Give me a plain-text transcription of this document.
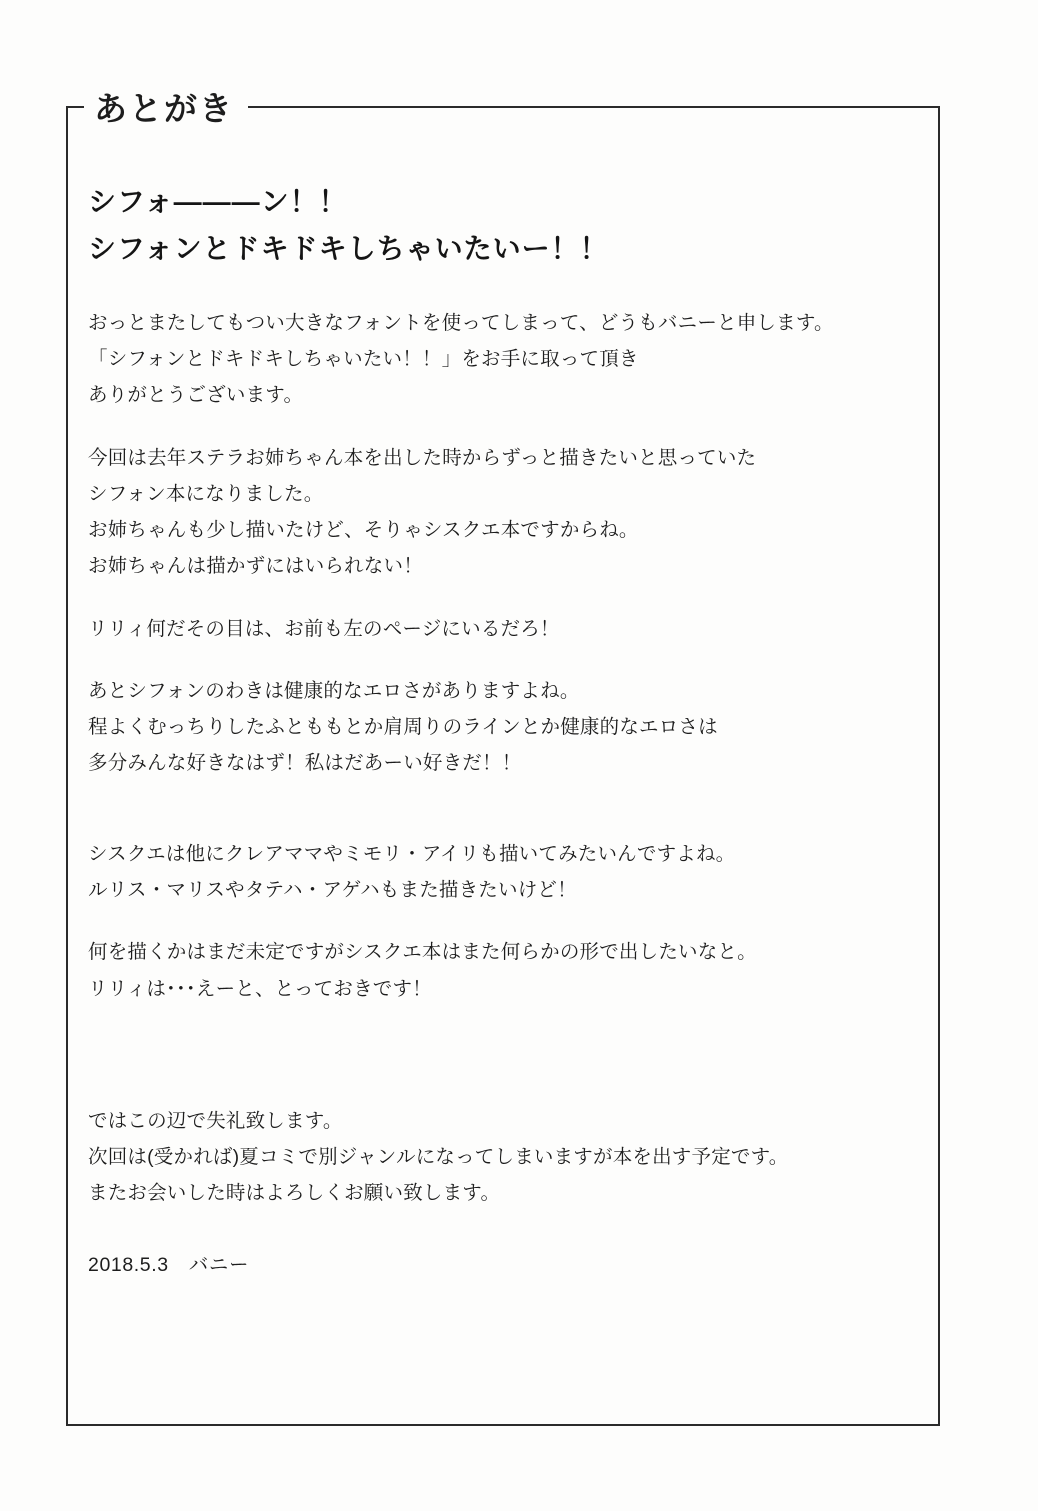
あとがき
シフォ———ン！！
シフォンとドキドキしちゃいたいー！！
おっとまたしてもつい大きなフォントを使ってしまって、どうもバニーと申します。
「シフォンとドキドキしちゃいたい！！」をお手に取って頂き
ありがとうございます。
今回は去年ステラお姉ちゃん本を出した時からずっと描きたいと思っていた
シフォン本になりました。
お姉ちゃんも少し描いたけど、そりゃシスクエ本ですからね。
お姉ちゃんは描かずにはいられない！
リリィ何だその目は、お前も左のページにいるだろ！
あとシフォンのわきは健康的なエロさがありますよね。
程よくむっちりしたふとももとか肩周りのラインとか健康的なエロさは
多分みんな好きなはず！私はだあーい好きだ！！
シスクエは他にクレアママやミモリ・アイリも描いてみたいんですよね。
ルリス・マリスやタテハ・アゲハもまた描きたいけど！
何を描くかはまだ未定ですがシスクエ本はまた何らかの形で出したいなと。
リリィは･･･えーと、とっておきです！
ではこの辺で失礼致します。
次回は(受かれば)夏コミで別ジャンルになってしまいますが本を出す予定です。
またお会いした時はよろしくお願い致します。
2018.5.3　バニー
